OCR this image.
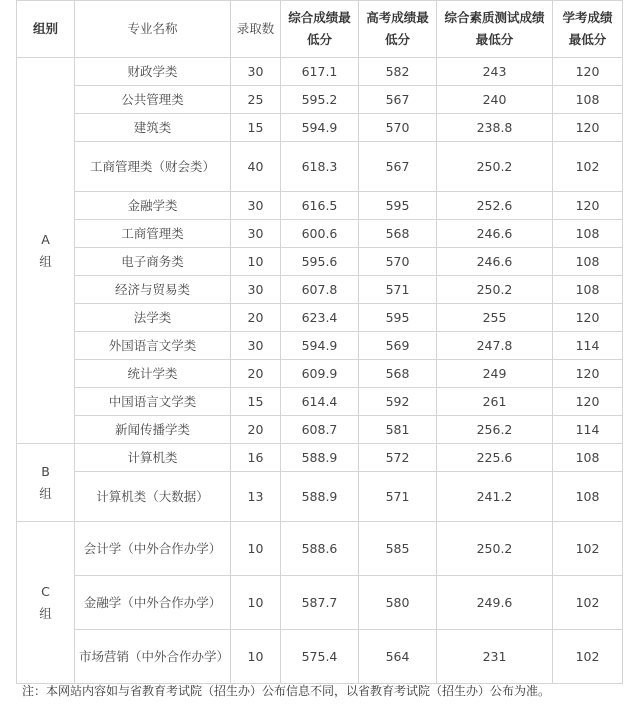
组别	专业名称	录取数	综合成绩最低分	高考成绩最低分	综合素质测试成绩最低分	学考成绩最低分

A
组	财政学类	30	617.1	582	243	120
	公共管理类	25	595.2	567	240	108
	建筑类	15	594.9	570	238.8	120
	工商管理类（财会类）	40	618.3	567	250.2	102
	金融学类	30	616.5	595	252.6	120
	工商管理类	30	600.6	568	246.6	108
	电子商务类	10	595.6	570	246.6	108
	经济与贸易类	30	607.8	571	250.2	108
	法学类	20	623.4	595	255	120
	外国语言文学类	30	594.9	569	247.8	114
	统计学类	20	609.9	568	249	120
	中国语言文学类	15	614.4	592	261	120
	新闻传播学类	20	608.7	581	256.2	114

B
组	计算机类	16	588.9	572	225.6	108
	计算机类（大数据）	13	588.9	571	241.2	108

C
组	会计学（中外合作办学）	10	588.6	585	250.2	102
	金融学（中外合作办学）	10	587.7	580	249.6	102
	市场营销（中外合作办学）	10	575.4	564	231	102
注：本网站内容如与省教育考试院（招生办）公布信息不同，以省教育考试院（招生办）公布为准。
